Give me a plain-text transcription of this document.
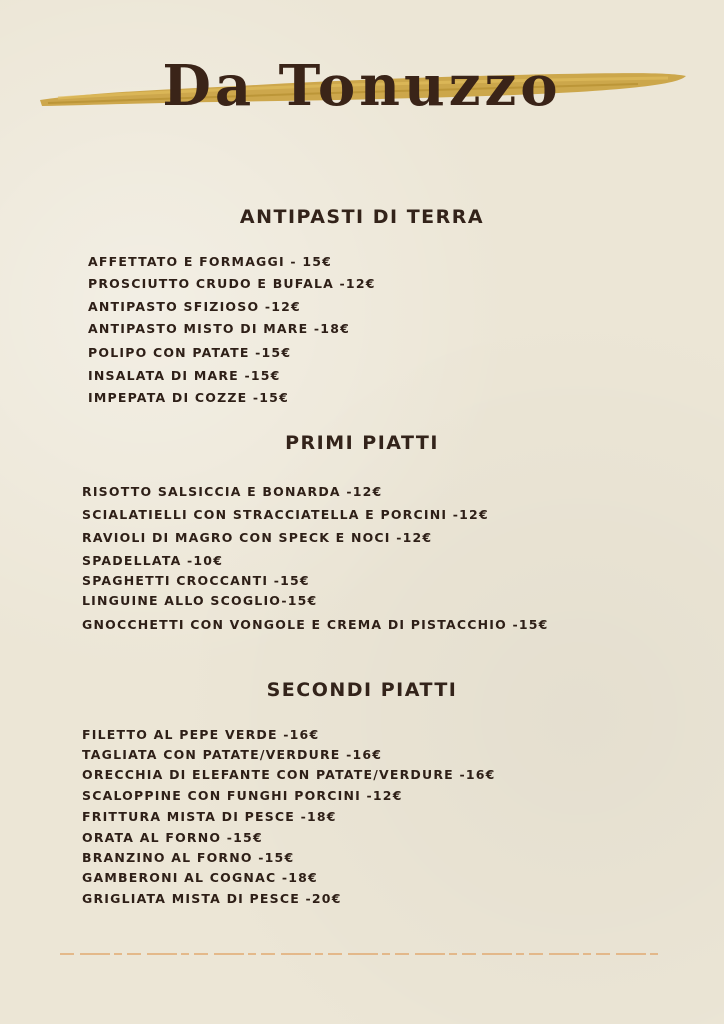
Da Tonuzzo
ANTIPASTI DI TERRA
AFFETTATO E FORMAGGI - 15€
PROSCIUTTO CRUDO E BUFALA -12€
ANTIPASTO SFIZIOSO -12€
ANTIPASTO MISTO DI MARE -18€
POLIPO CON PATATE -15€
INSALATA DI MARE -15€
IMPEPATA DI COZZE -15€
PRIMI PIATTI
RISOTTO SALSICCIA E BONARDA -12€
SCIALATIELLI CON STRACCIATELLA E PORCINI -12€
RAVIOLI DI MAGRO CON SPECK E NOCI -12€
SPADELLATA -10€
SPAGHETTI CROCCANTI -15€
LINGUINE ALLO SCOGLIO-15€
GNOCCHETTI CON VONGOLE E CREMA DI PISTACCHIO -15€
SECONDI PIATTI
FILETTO AL PEPE VERDE -16€
TAGLIATA CON PATATE/VERDURE -16€
ORECCHIA DI ELEFANTE CON PATATE/VERDURE -16€
SCALOPPINE CON FUNGHI PORCINI -12€
FRITTURA MISTA DI PESCE -18€
ORATA AL FORNO -15€
BRANZINO AL FORNO -15€
GAMBERONI AL COGNAC -18€
GRIGLIATA MISTA DI PESCE -20€
